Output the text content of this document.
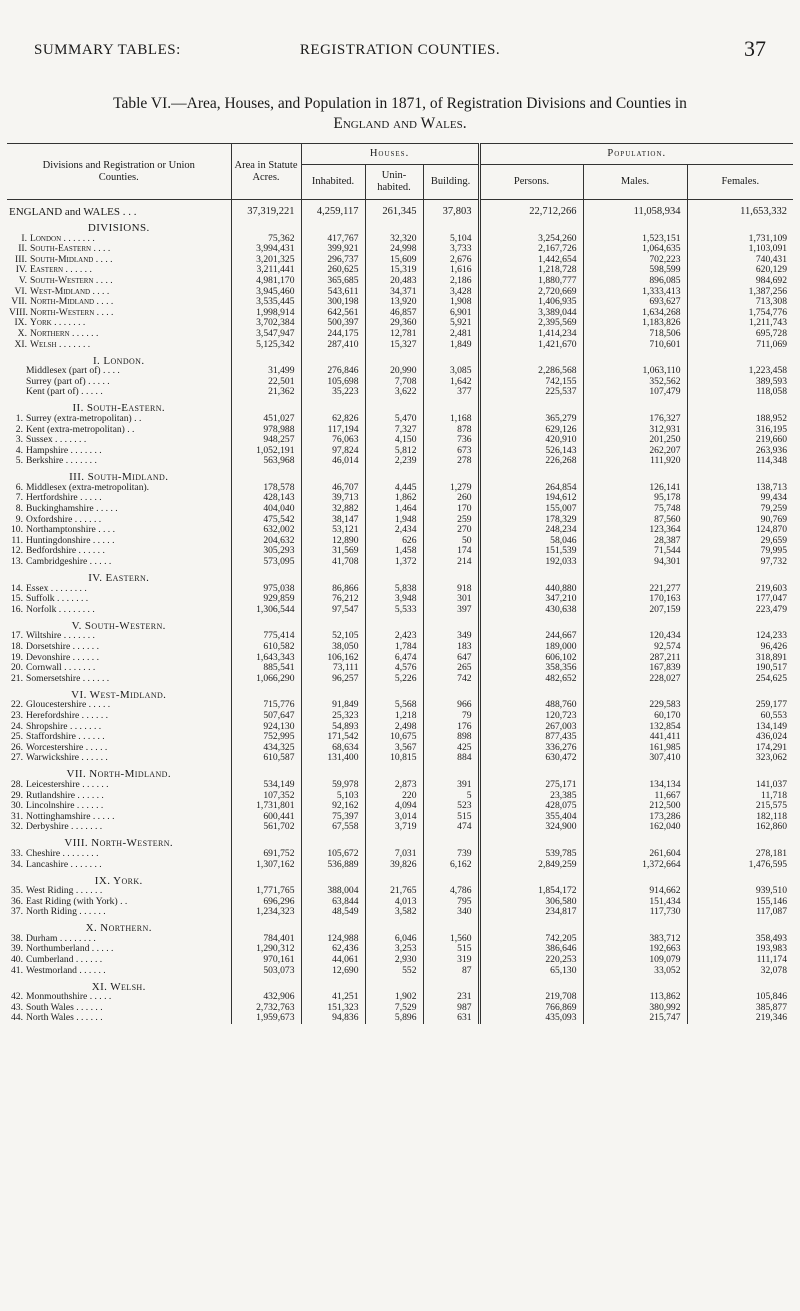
SUMMARY TABLES:	REGISTRATION COUNTIES.	37
Table VI.—Area, Houses, and Population in 1871, of Registration Divisions and Counties in
England and Wales.
Divisions and Registration or Union Counties.	Area in Statute Acres.	Houses.			Population.		
		Inhabited.	Unin-habited.	Building.	Persons.	Males.	Females.

ENGLAND and WALES . . .	37,319,221	4,259,117	261,345	37,803	22,712,266	11,058,934	11,653,332
DIVISIONS.							
I. London . . . . . . .	75,362	417,767	32,320	5,104	3,254,260	1,523,151	1,731,109
II. South-Eastern . . . .	3,994,431	399,921	24,998	3,733	2,167,726	1,064,635	1,103,091
III. South-Midland . . . .	3,201,325	296,737	15,609	2,676	1,442,654	702,223	740,431
IV. Eastern . . . . . .	3,211,441	260,625	15,319	1,616	1,218,728	598,599	620,129
V. South-Western . . . .	4,981,170	365,685	20,483	2,186	1,880,777	896,085	984,692
VI. West-Midland . . . .	3,945,460	543,611	34,371	3,428	2,720,669	1,333,413	1,387,256
VII. North-Midland . . . .	3,535,445	300,198	13,920	1,908	1,406,935	693,627	713,308
VIII. North-Western . . . .	1,998,914	642,561	46,857	6,901	3,389,044	1,634,268	1,754,776
IX. York . . . . . . .	3,702,384	500,397	29,360	5,921	2,395,569	1,183,826	1,211,743
X. Northern . . . . . .	3,547,947	244,175	12,781	2,481	1,414,234	718,506	695,728
XI. Welsh . . . . . . .	5,125,342	287,410	15,327	1,849	1,421,670	710,601	711,069
I. London.							
Middlesex (part of) . . . .	31,499	276,846	20,990	3,085	2,286,568	1,063,110	1,223,458
Surrey (part of) . . . . .	22,501	105,698	7,708	1,642	742,155	352,562	389,593
Kent (part of) . . . . .	21,362	35,223	3,622	377	225,537	107,479	118,058
II. South-Eastern.							
1. Surrey (extra-metropolitan) . .	451,027	62,826	5,470	1,168	365,279	176,327	188,952
2. Kent (extra-metropolitan) . .	978,988	117,194	7,327	878	629,126	312,931	316,195
3. Sussex . . . . . . .	948,257	76,063	4,150	736	420,910	201,250	219,660
4. Hampshire . . . . . . .	1,052,191	97,824	5,812	673	526,143	262,207	263,936
5. Berkshire . . . . . . .	563,968	46,014	2,239	278	226,268	111,920	114,348
III. South-Midland.							
6. Middlesex (extra-metropolitan).	178,578	46,707	4,445	1,279	264,854	126,141	138,713
7. Hertfordshire . . . . .	428,143	39,713	1,862	260	194,612	95,178	99,434
8. Buckinghamshire . . . . .	404,040	32,882	1,464	170	155,007	75,748	79,259
9. Oxfordshire . . . . . .	475,542	38,147	1,948	259	178,329	87,560	90,769
10. Northamptonshire . . . .	632,002	53,121	2,434	270	248,234	123,364	124,870
11. Huntingdonshire . . . . .	204,632	12,890	626	50	58,046	28,387	29,659
12. Bedfordshire . . . . . .	305,293	31,569	1,458	174	151,539	71,544	79,995
13. Cambridgeshire . . . . .	573,095	41,708	1,372	214	192,033	94,301	97,732
IV. Eastern.							
14. Essex . . . . . . . .	975,038	86,866	5,838	918	440,880	221,277	219,603
15. Suffolk . . . . . . .	929,859	76,212	3,948	301	347,210	170,163	177,047
16. Norfolk . . . . . . . .	1,306,544	97,547	5,533	397	430,638	207,159	223,479
V. South-Western.							
17. Wiltshire . . . . . . .	775,414	52,105	2,423	349	244,667	120,434	124,233
18. Dorsetshire . . . . . .	610,582	38,050	1,784	183	189,000	92,574	96,426
19. Devonshire . . . . . .	1,643,343	106,162	6,474	647	606,102	287,211	318,891
20. Cornwall . . . . . . .	885,541	73,111	4,576	265	358,356	167,839	190,517
21. Somersetshire . . . . . .	1,066,290	96,257	5,226	742	482,652	228,027	254,625
VI. West-Midland.							
22. Gloucestershire . . . . .	715,776	91,849	5,568	966	488,760	229,583	259,177
23. Herefordshire . . . . . .	507,647	25,323	1,218	79	120,723	60,170	60,553
24. Shropshire . . . . . . .	924,130	54,893	2,498	176	267,003	132,854	134,149
25. Staffordshire . . . . . .	752,995	171,542	10,675	898	877,435	441,411	436,024
26. Worcestershire . . . . .	434,325	68,634	3,567	425	336,276	161,985	174,291
27. Warwickshire . . . . . .	610,587	131,400	10,815	884	630,472	307,410	323,062
VII. North-Midland.							
28. Leicestershire . . . . . .	534,149	59,978	2,873	391	275,171	134,134	141,037
29. Rutlandshire . . . . . .	107,352	5,103	220	5	23,385	11,667	11,718
30. Lincolnshire . . . . . .	1,731,801	92,162	4,094	523	428,075	212,500	215,575
31. Nottinghamshire . . . . .	600,441	75,397	3,014	515	355,404	173,286	182,118
32. Derbyshire . . . . . . .	561,702	67,558	3,719	474	324,900	162,040	162,860
VIII. North-Western.							
33. Cheshire . . . . . . . .	691,752	105,672	7,031	739	539,785	261,604	278,181
34. Lancashire . . . . . . .	1,307,162	536,889	39,826	6,162	2,849,259	1,372,664	1,476,595
IX. York.							
35. West Riding . . . . . .	1,771,765	388,004	21,765	4,786	1,854,172	914,662	939,510
36. East Riding (with York) . .	696,296	63,844	4,013	795	306,580	151,434	155,146
37. North Riding . . . . . .	1,234,323	48,549	3,582	340	234,817	117,730	117,087
X. Northern.							
38. Durham . . . . . . . .	784,401	124,988	6,046	1,560	742,205	383,712	358,493
39. Northumberland . . . . .	1,290,312	62,436	3,253	515	386,646	192,663	193,983
40. Cumberland . . . . . .	970,161	44,061	2,930	319	220,253	109,079	111,174
41. Westmorland . . . . . .	503,073	12,690	552	87	65,130	33,052	32,078
XI. Welsh.							
42. Monmouthshire . . . . .	432,906	41,251	1,902	231	219,708	113,862	105,846
43. South Wales . . . . . .	2,732,763	151,323	7,529	987	766,869	380,992	385,877
44. North Wales . . . . . .	1,959,673	94,836	5,896	631	435,093	215,747	219,346
